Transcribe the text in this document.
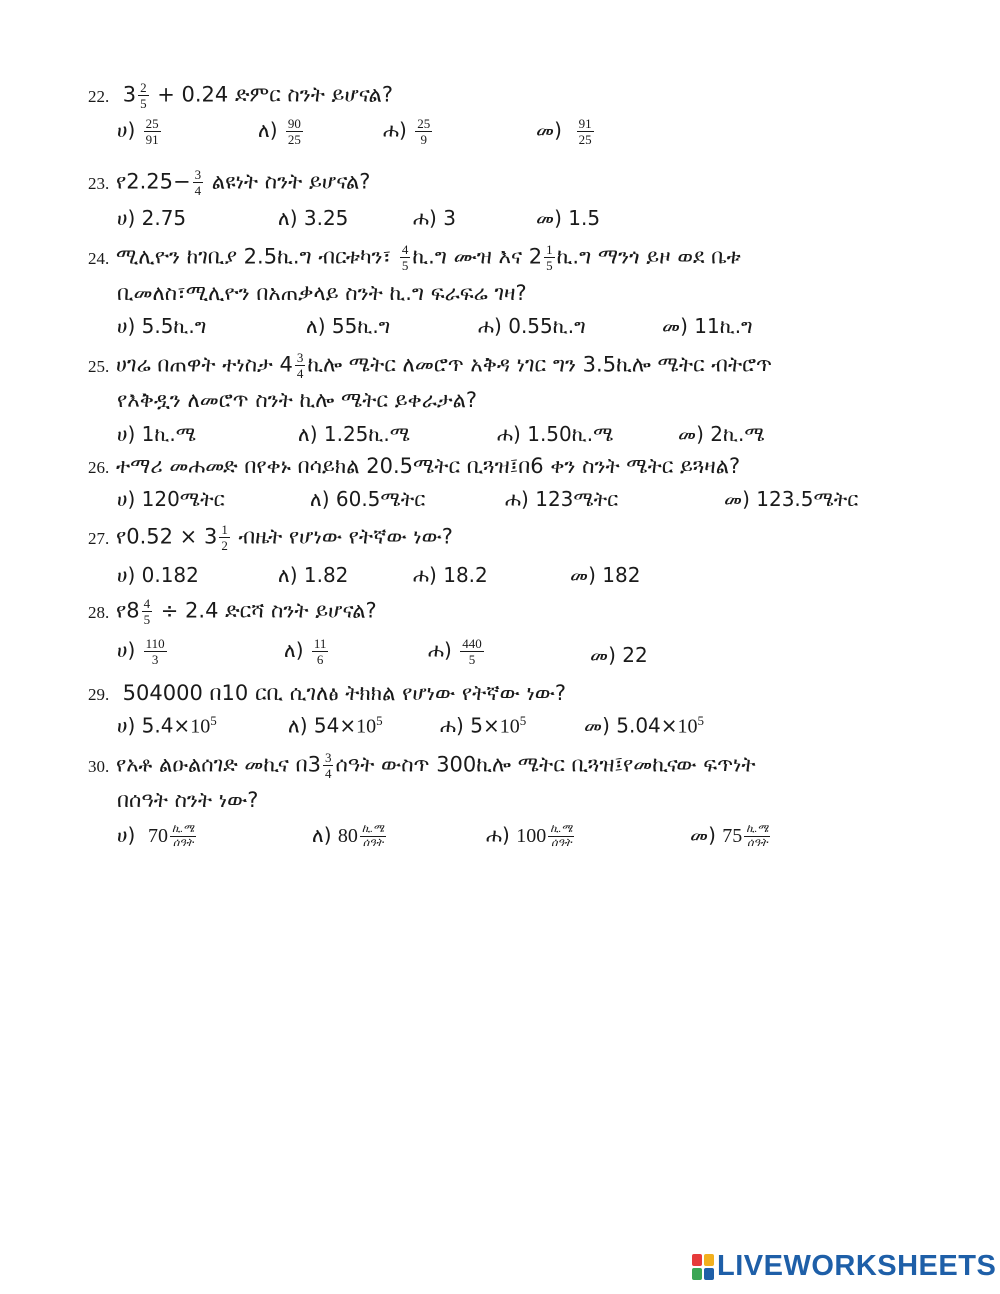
22. $3 \frac{2}{5} + 0.24$ ድምር ስንት ይሆናል?
ሀ) $\frac{25}{91}$	ለ) $\frac{90}{25}$	ሐ) $\frac{25}{9}$	መ) $\frac{91}{25}$
23. የ2.25− $\frac{3}{4}$ ልዩነት ስንት ይሆናል?
ሀ) 2.75	ለ) 3.25	ሐ) 3	መ) 1.5
24. ሚሊዮን ከገቢያ 2.5ኪ.ግ ብርቱካን፣ $\frac{4}{5}$ ኪ.ግ ሙዝ እና $2 \frac{1}{5}$ ኪ.ግ ማንጎ ይዞ ወደ ቤቱ
ቢመለስ፣ሚሊዮን በአጠቃላይ ስንት ኪ.ግ ፍራፍሬ ገዛ?
ሀ) 5.5ኪ.ግ	ለ) 55ኪ.ግ	ሐ) 0.55ኪ.ግ	መ) 11ኪ.ግ
25. ሀገሬ በጠዋት ተነስታ $4 \frac{3}{4}$ ኪሎ ሜትር ለመሮጥ አቅዳ ነገር ግን 3.5ኪሎ ሜትር ብትሮጥ
የእቅዷን ለመሮጥ ስንት ኪሎ ሜትር ይቀራታል?
ሀ) 1ኪ.ሜ	ለ) 1.25ኪ.ሜ	ሐ) 1.50ኪ.ሜ	መ) 2ኪ.ሜ
26. ተማሪ መሐመድ በየቀኑ በሳይክል 20.5ሜትር ቢጓዝ፤በ6 ቀን ስንት ሜትር ይጓዛል?
ሀ) 120ሜትር	ለ) 60.5ሜትር	ሐ) 123ሜትር	መ) 123.5ሜትር
27. የ0.52 × $3 \frac{1}{2}$ ብዜት የሆነው የትኛው ነው?
ሀ) 0.182	ለ) 1.82	ሐ) 18.2	መ) 182
28. የ8 $\frac{4}{5} \div 2.4$ ድርሻ ስንት ይሆናል?
ሀ) $\frac{110}{3}$	ለ) $\frac{11}{6}$	ሐ) $\frac{440}{5}$	መ) 22
29. 504000 በ10 ርቢ ሲገለፅ ትክክል የሆነው የትኛው ነው?
ሀ) $5.4\times 10^5$	ለ) $54\times 10^5$	ሐ) $5\times 10^5$	መ) $5.04\times 10^5$
30. የአቶ ልዑልሰገድ መኪና በ3 $\frac{3}{4}$ ሰዓት ውስጥ 300ኪሎ ሜትር ቢጓዝ፤የመኪናው ፍጥነት
በሰዓት ስንት ነው?
ሀ) $70 \frac{\text{ኪ.ሜ}}{\text{ሰዓት}}$	ለ) $80 \frac{\text{ኪ.ሜ}}{\text{ሰዓት}}$	ሐ) $100 \frac{\text{ኪ.ሜ}}{\text{ሰዓት}}$	መ) $75 \frac{\text{ኪ.ሜ}}{\text{ሰዓት}}$
LIVEWORKSHEETS
